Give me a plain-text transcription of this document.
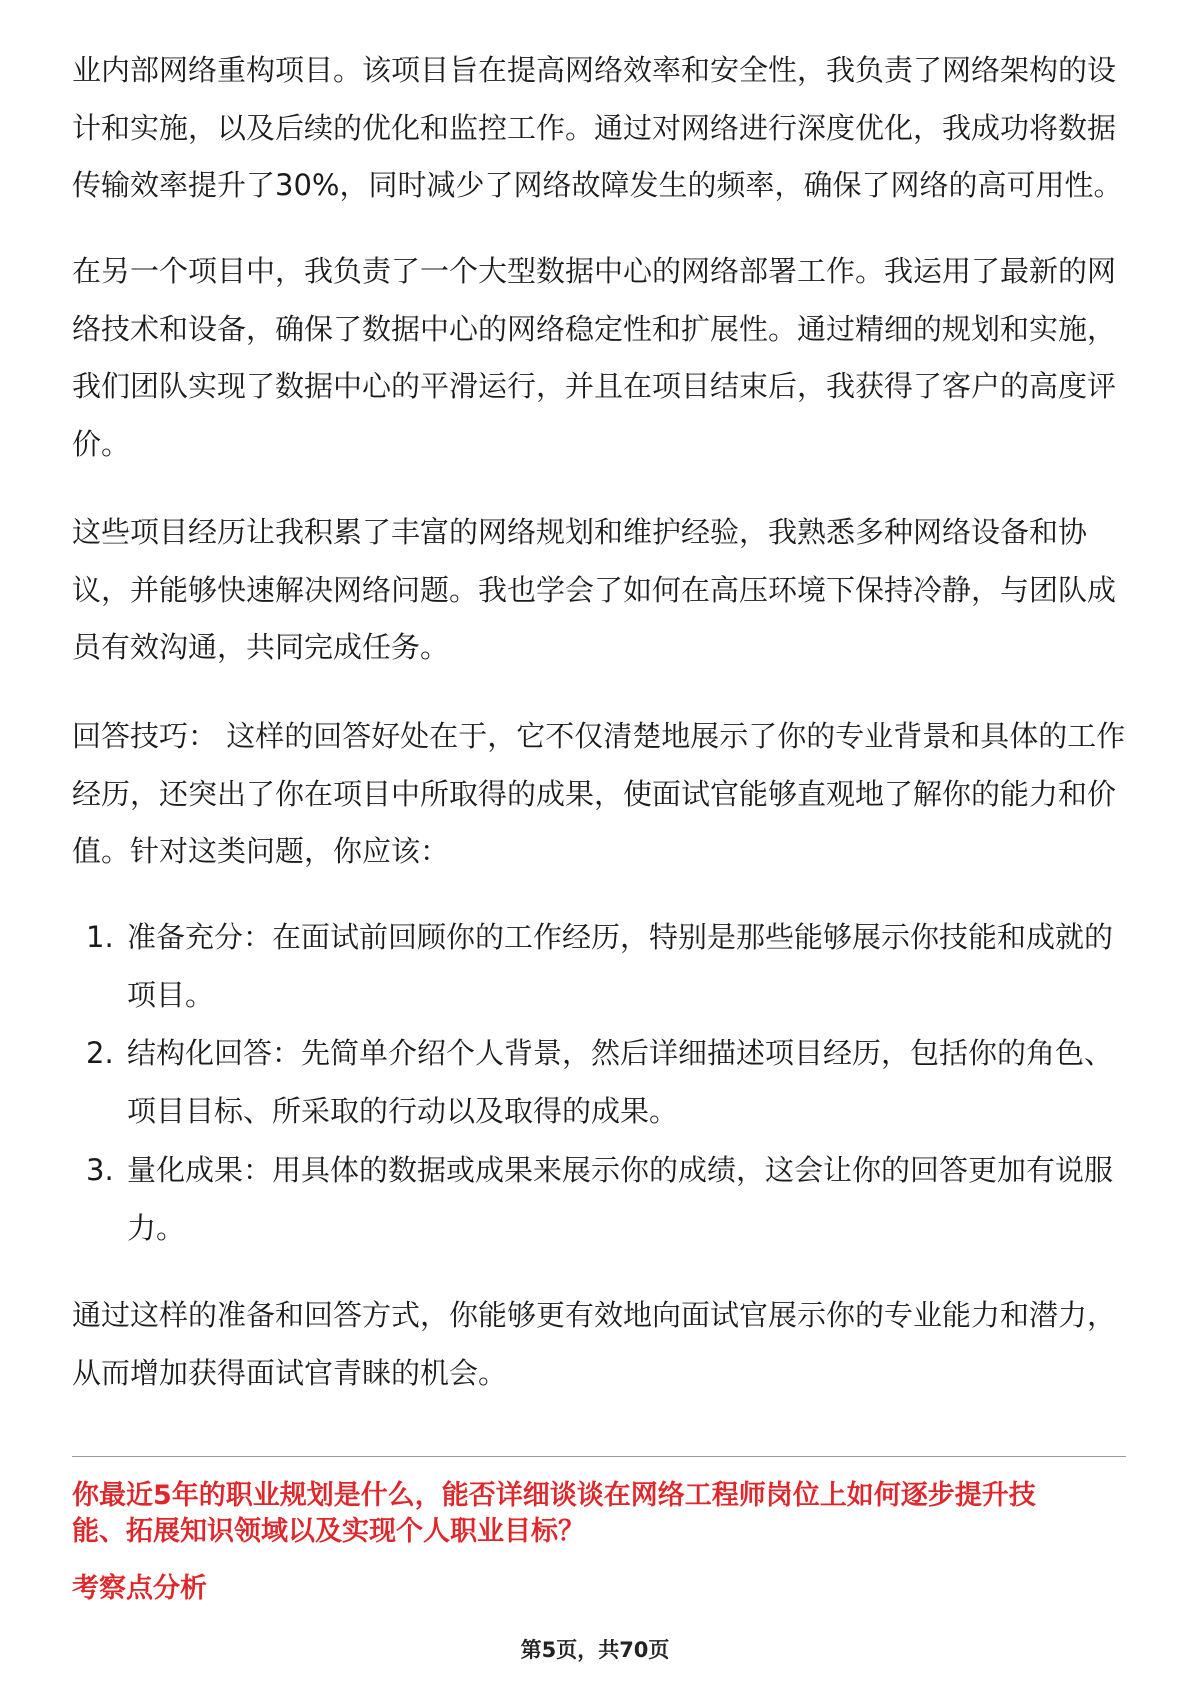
业内部网络重构项目。该项目旨在提高网络效率和安全性，我负责了网络架构的设
计和实施，以及后续的优化和监控工作。通过对网络进行深度优化，我成功将数据
传输效率提升了30%，同时减少了网络故障发生的频率，确保了网络的高可用性。
在另一个项目中，我负责了一个大型数据中心的网络部署工作。我运用了最新的网
络技术和设备，确保了数据中心的网络稳定性和扩展性。通过精细的规划和实施，
我们团队实现了数据中心的平滑运行，并且在项目结束后，我获得了客户的高度评
价。
这些项目经历让我积累了丰富的网络规划和维护经验，我熟悉多种网络设备和协
议，并能够快速解决网络问题。我也学会了如何在高压环境下保持冷静，与团队成
员有效沟通，共同完成任务。
回答技巧： 这样的回答好处在于，它不仅清楚地展示了你的专业背景和具体的工作
经历，还突出了你在项目中所取得的成果，使面试官能够直观地了解你的能力和价
值。针对这类问题，你应该：
1. 准备充分：在面试前回顾你的工作经历，特别是那些能够展示你技能和成就的
项目。
2. 结构化回答：先简单介绍个人背景，然后详细描述项目经历，包括你的角色、
项目目标、所采取的行动以及取得的成果。
3. 量化成果：用具体的数据或成果来展示你的成绩，这会让你的回答更加有说服
力。
通过这样的准备和回答方式，你能够更有效地向面试官展示你的专业能力和潜力，
从而增加获得面试官青睐的机会。
你最近5年的职业规划是什么，能否详细谈谈在网络工程师岗位上如何逐步提升技
能、拓展知识领域以及实现个人职业目标？
考察点分析
第5页，共70页
